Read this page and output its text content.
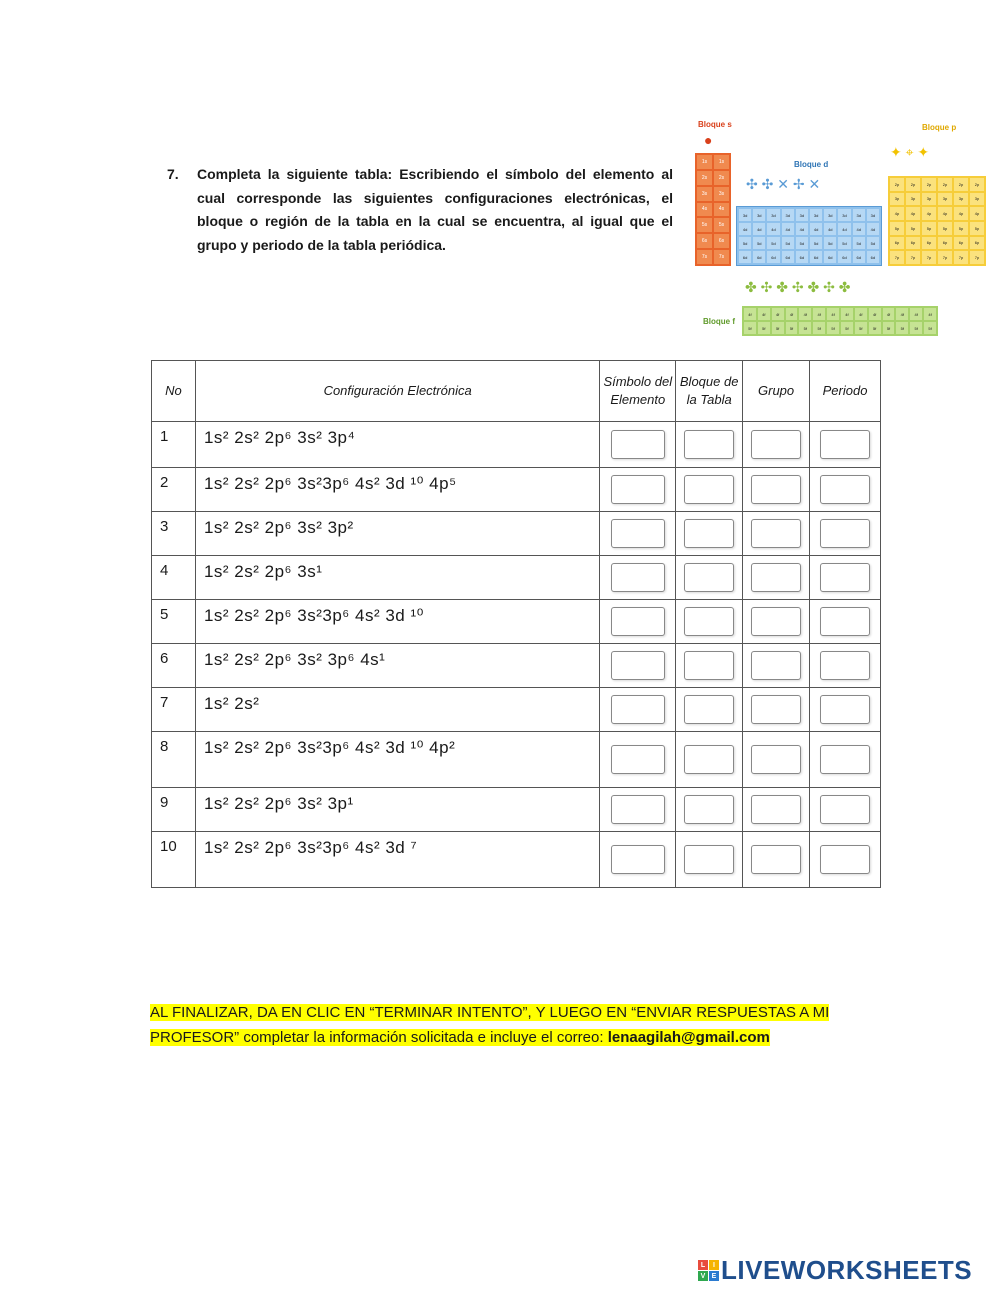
7. Completa la siguiente tabla: Escribiendo el símbolo del elemento al cual corresponde las siguientes configuraciones electrónicas, el bloque o región de la tabla en la cual se encuentra, al igual que el grupo y periodo de la tabla periódica.
Bloque s
●
1s	1s
2s	2s
3s	3s
4s	4s
5s	5s
6s	6s
7s	7s
Bloque d
✣ ✣ ✕ ✢ ✕
3d	3d	3d	3d	3d	3d	3d	3d	3d	3d
4d	4d	4d	4d	4d	4d	4d	4d	4d	4d
5d	5d	5d	5d	5d	5d	5d	5d	5d	5d
6d	6d	6d	6d	6d	6d	6d	6d	6d	6d
Bloque p
✦ ⌖ ✦
2p	2p	2p	2p	2p	2p
3p	3p	3p	3p	3p	3p
4p	4p	4p	4p	4p	4p
5p	5p	5p	5p	5p	5p
6p	6p	6p	6p	6p	6p
7p	7p	7p	7p	7p	7p
✤ ✣ ✤ ✣ ✤ ✣ ✤
Bloque f
4f	4f	4f	4f	4f	4f	4f	4f	4f	4f	4f	4f	4f	4f
5f	5f	5f	5f	5f	5f	5f	5f	5f	5f	5f	5f	5f	5f
No	Configuración Electrónica	Símbolo del Elemento	Bloque de la Tabla	Grupo	Periodo
1	1s² 2s² 2p⁶ 3s² 3p⁴				
2	1s² 2s² 2p⁶ 3s²3p⁶ 4s² 3d ¹⁰ 4p⁵				
3	1s² 2s² 2p⁶ 3s² 3p²				
4	1s² 2s² 2p⁶ 3s¹				
5	1s² 2s² 2p⁶ 3s²3p⁶ 4s² 3d ¹⁰				
6	1s² 2s² 2p⁶ 3s² 3p⁶ 4s¹				
7	1s² 2s²				
8	1s² 2s² 2p⁶ 3s²3p⁶ 4s² 3d ¹⁰ 4p²				
9	1s² 2s² 2p⁶ 3s² 3p¹				
10	1s² 2s² 2p⁶ 3s²3p⁶ 4s² 3d ⁷				
AL FINALIZAR, DA EN CLIC EN “TERMINAR INTENTO”, Y LUEGO EN “ENVIAR RESPUESTAS A MI PROFESOR” completar la información solicitada e incluye el correo: lenaagilah@gmail.com
L	I
V E LIVEWORKSHEETS
